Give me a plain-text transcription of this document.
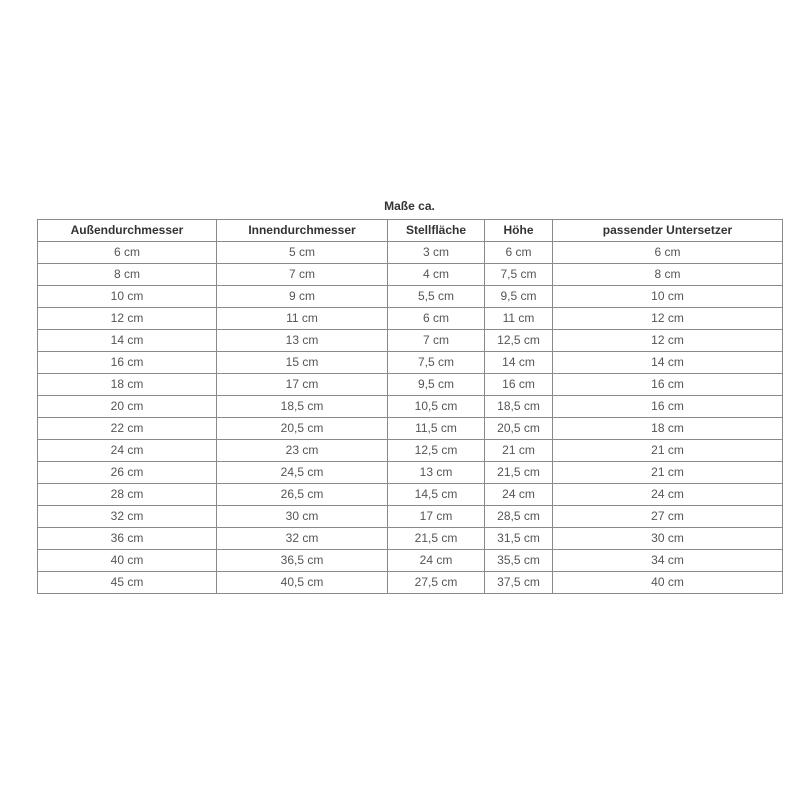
Maße ca.
Außendurchmesser	Innendurchmesser	Stellfläche	Höhe	passender Untersetzer
6 cm	5 cm	3 cm	6 cm	6 cm
8 cm	7 cm	4 cm	7,5 cm	8 cm
10 cm	9 cm	5,5 cm	9,5 cm	10 cm
12 cm	11 cm	6 cm	11 cm	12 cm
14 cm	13 cm	7 cm	12,5 cm	12 cm
16 cm	15 cm	7,5 cm	14 cm	14 cm
18 cm	17 cm	9,5 cm	16 cm	16 cm
20 cm	18,5 cm	10,5 cm	18,5 cm	16 cm
22 cm	20,5 cm	11,5 cm	20,5 cm	18 cm
24 cm	23 cm	12,5 cm	21 cm	21 cm
26 cm	24,5 cm	13 cm	21,5 cm	21 cm
28 cm	26,5 cm	14,5 cm	24 cm	24 cm
32 cm	30 cm	17 cm	28,5 cm	27 cm
36 cm	32 cm	21,5 cm	31,5 cm	30 cm
40 cm	36,5 cm	24 cm	35,5 cm	34 cm
45 cm	40,5 cm	27,5 cm	37,5 cm	40 cm
